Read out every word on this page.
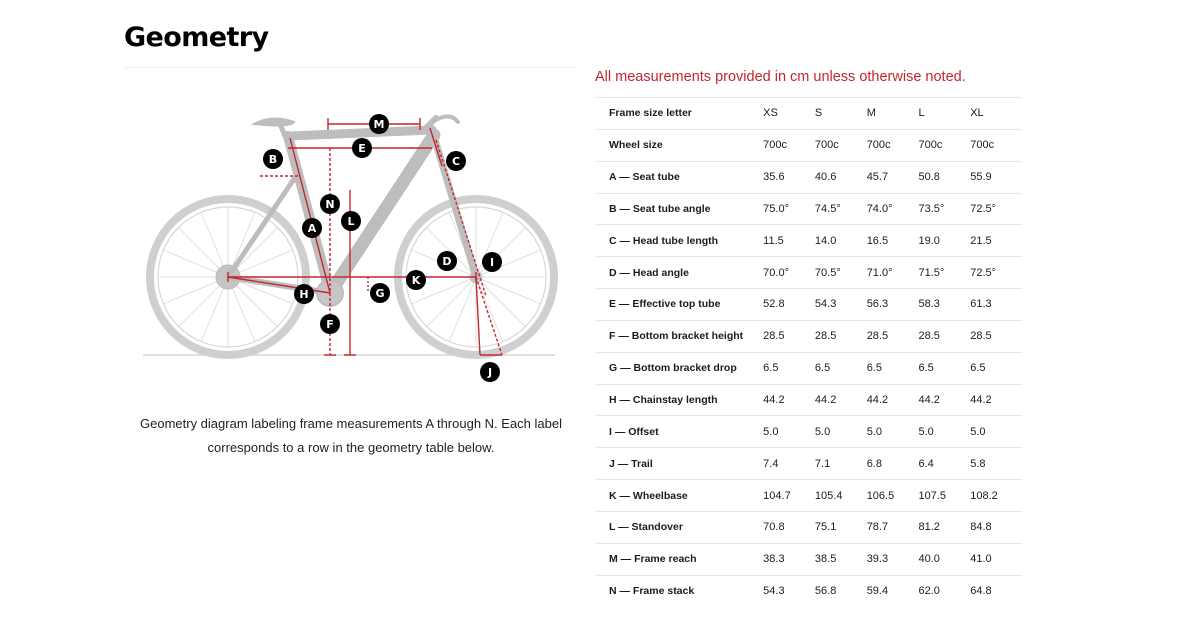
Geometry
A
B	C
D
E
F
G
H
I
J
K
L
M
N
Geometry diagram labeling frame measurements A through N. Each label corresponds to a row in the geometry table below.

All measurements provided in cm unless otherwise noted.

Frame size letter	XS	S	M	L	XL
Wheel size	700c	700c	700c	700c	700c
A — Seat tube	35.6	40.6	45.7	50.8	55.9
B — Seat tube angle	75.0°	74.5°	74.0°	73.5°	72.5°
C — Head tube length	11.5	14.0	16.5	19.0	21.5
D — Head angle	70.0°	70.5°	71.0°	71.5°	72.5°
E — Effective top tube	52.8	54.3	56.3	58.3	61.3
F — Bottom bracket height	28.5	28.5	28.5	28.5	28.5
G — Bottom bracket drop	6.5	6.5	6.5	6.5	6.5
H — Chainstay length	44.2	44.2	44.2	44.2	44.2
I — Offset	5.0	5.0	5.0	5.0	5.0
J — Trail	7.4	7.1	6.8	6.4	5.8
K — Wheelbase	104.7	105.4	106.5	107.5	108.2
L — Standover	70.8	75.1	78.7	81.2	84.8
M — Frame reach	38.3	38.5	39.3	40.0	41.0
N — Frame stack	54.3	56.8	59.4	62.0	64.8
